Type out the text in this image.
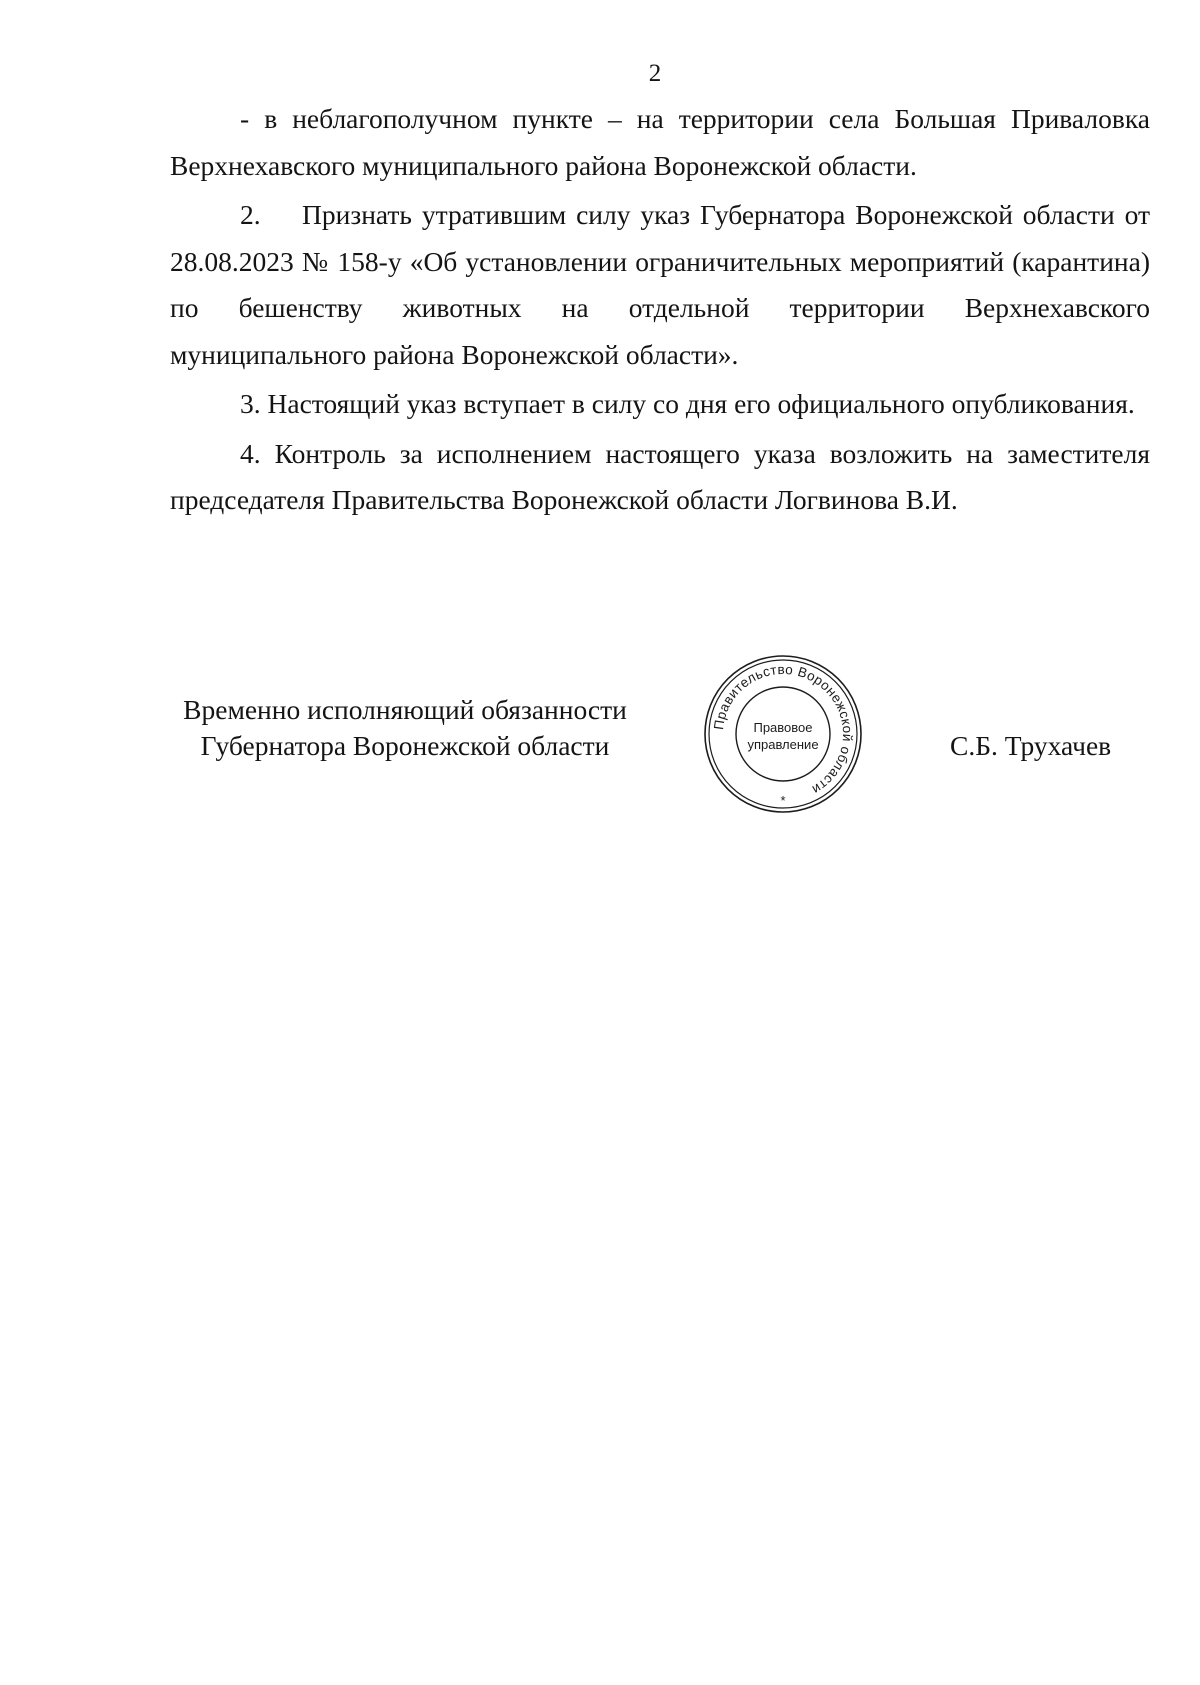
2

- в неблагополучном пункте – на территории села Большая Приваловка Верхнехавского муниципального района Воронежской области.

2. Признать утратившим силу указ Губернатора Воронежской области от 28.08.2023 № 158-у «Об установлении ограничительных мероприятий (карантина) по бешенству животных на отдельной территории Верхнехавского муниципального района Воронежской области».

3. Настоящий указ вступает в силу со дня его официального опубликования.

4. Контроль за исполнением настоящего указа возложить на заместителя председателя Правительства Воронежской области Логвинова В.И.

Временно исполняющий обязанности
Губернатора Воронежской области
Правительство Воронежской области
Правовое
управление
*
С.Б. Трухачев
